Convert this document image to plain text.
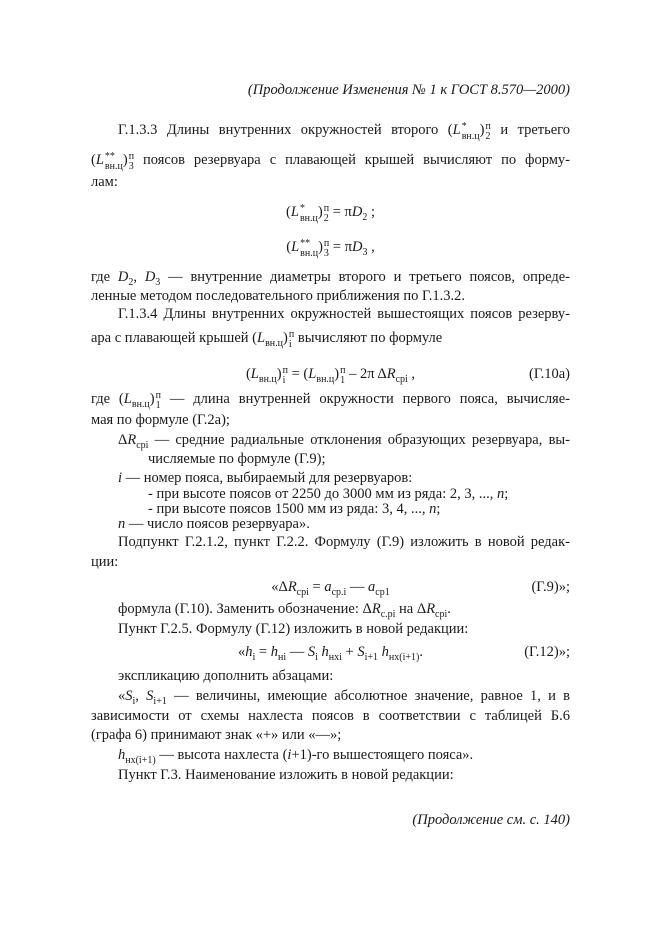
(Продолжение Изменения № 1 к ГОСТ 8.570—2000)
Г.1.3.3 Длины внутренних окружностей второго (L *
вн.ц ) п
2 и третьего
(L **
вн.ц ) п
3 поясов резервуара с плавающей крышей вычисляют по форму-
лам:
(L *
вн.ц ) п
$2 = \pi D_2$ ;
(L **
вн.ц ) п
$3 = \pi D_3$ ,
где $D_2$, $D_3$ — внутренние диаметры второго и третьего поясов, опреде-
ленные методом последовательного приближения по Г.1.3.2.
Г.1.3.4 Длины внутренних окружностей вышестоящих поясов резерву-
ара с плавающей крышей $(L_{вн.ц})$ п
i вычисляют по формуле
$(L_{вн.ц})$ п
$i = (L_{вн.ц})$ п
1 – 2π $\Delta R_{срi}$ ,	(Г.10а)
где $(L_{вн.ц})$ п
1 — длина внутренней окружности первого пояса, вычисляе-
мая по формуле (Г.2а);
$\Delta R_{срi}$ — средние радиальные отклонения образующих резервуара, вы-
числяемые по формуле (Г.9);
i — номер пояса, выбираемый для резервуаров:
- при высоте поясов от 2250 до 3000 мм из ряда: 2, 3, ..., n;
- при высоте поясов 1500 мм из ряда: 3, 4, ..., n;
n — число поясов резервуара».
Подпункт Г.2.1.2, пункт Г.2.2. Формулу (Г.9) изложить в новой редак-
ции:
«$\Delta R_{срi} = a_{ср.i}$ — $a_{ср1}$	(Г.9)»;
формула (Г.10). Заменить обозначение: $\Delta R_{с.рi}$ на $\Delta R_{срi}$.
Пункт Г.2.5. Формулу (Г.12) изложить в новой редакции:
«$h_i = h_{нi}$ — $S_i$ $h_{нхi} + S_{i+1}$ $h_{нх(i+1)}$.	(Г.12)»;
экспликацию дополнить абзацами:
«$S_i$, $S_{i+1}$ — величины, имеющие абсолютное значение, равное 1, и в
зависимости от схемы нахлеста поясов в соответствии с таблицей Б.6
(графа 6) принимают знак «+» или «—»;
$h_{нх(i+1)}$ — высота нахлеста (i+1)-го вышестоящего пояса».
Пункт Г.3. Наименование изложить в новой редакции:
(Продолжение см. с. 140)
